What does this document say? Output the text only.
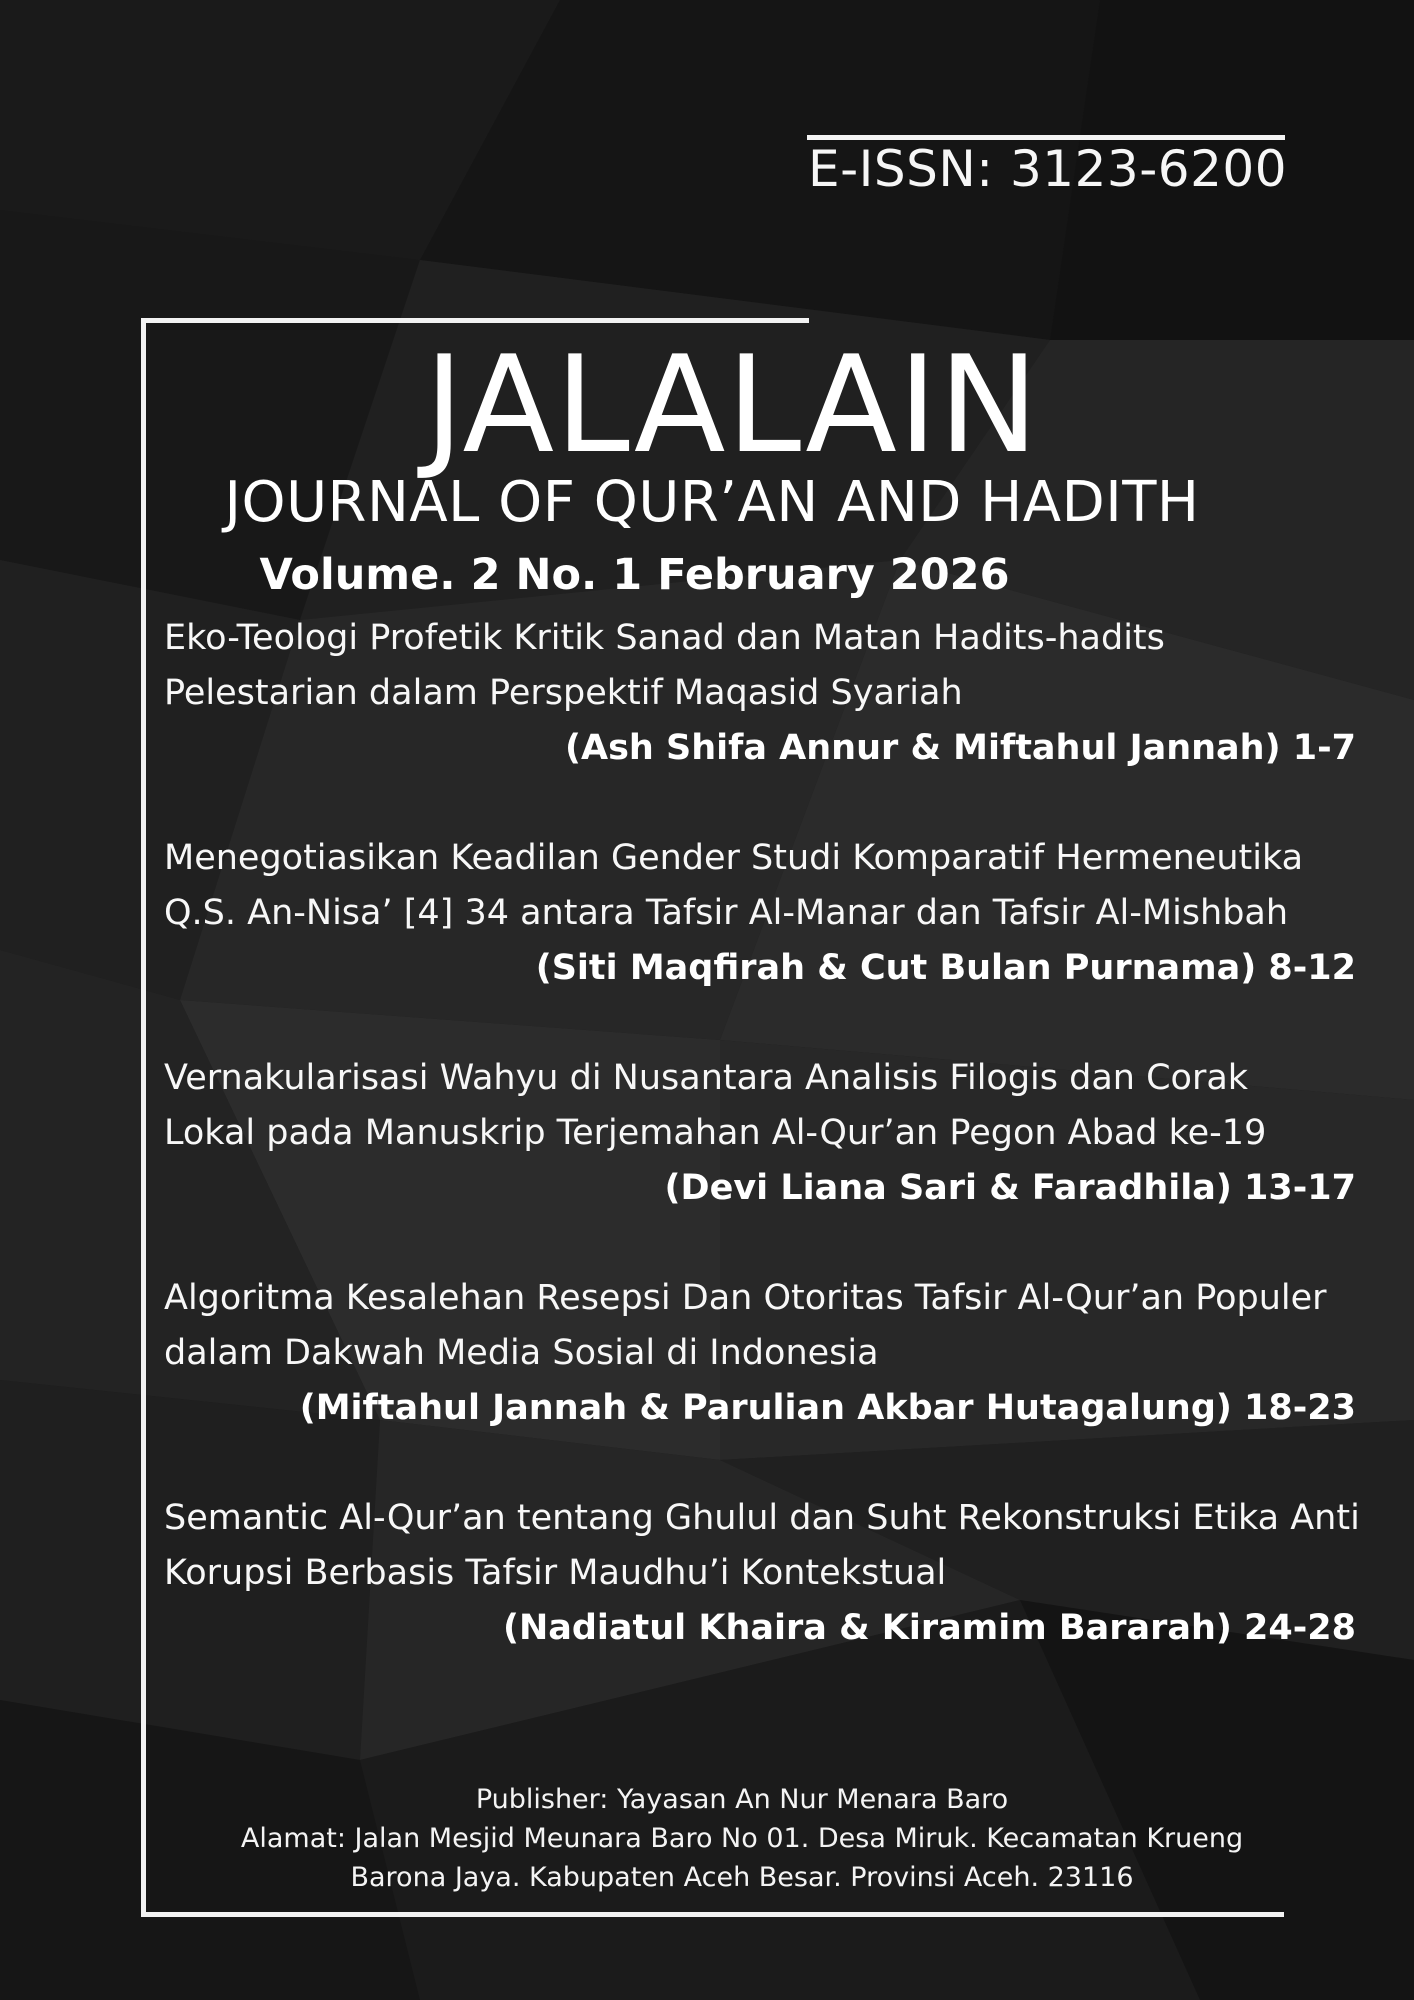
E-ISSN: 3123-6200
JALALAIN
JOURNAL OF QUR’AN AND HADITH
Volume. 2 No. 1 February 2026
Eko-Teologi Profetik Kritik Sanad dan Matan Hadits-hadits
Pelestarian dalam Perspektif Maqasid Syariah
(Ash Shifa Annur & Miftahul Jannah) 1-7
Menegotiasikan Keadilan Gender Studi Komparatif Hermeneutika
Q.S. An-Nisa’ [4] 34 antara Tafsir Al-Manar dan Tafsir Al-Mishbah
(Siti Maqfirah & Cut Bulan Purnama) 8-12
Vernakularisasi Wahyu di Nusantara Analisis Filogis dan Corak
Lokal pada Manuskrip Terjemahan Al-Qur’an Pegon Abad ke-19
(Devi Liana Sari & Faradhila) 13-17
Algoritma Kesalehan Resepsi Dan Otoritas Tafsir Al-Qur’an Populer
dalam Dakwah Media Sosial di Indonesia
(Miftahul Jannah & Parulian Akbar Hutagalung) 18-23
Semantic Al-Qur’an tentang Ghulul dan Suht Rekonstruksi Etika Anti
Korupsi Berbasis Tafsir Maudhu’i Kontekstual
(Nadiatul Khaira & Kiramim Bararah) 24-28
Publisher: Yayasan An Nur Menara Baro
Alamat: Jalan Mesjid Meunara Baro No 01. Desa Miruk. Kecamatan Krueng
Barona Jaya. Kabupaten Aceh Besar. Provinsi Aceh. 23116
